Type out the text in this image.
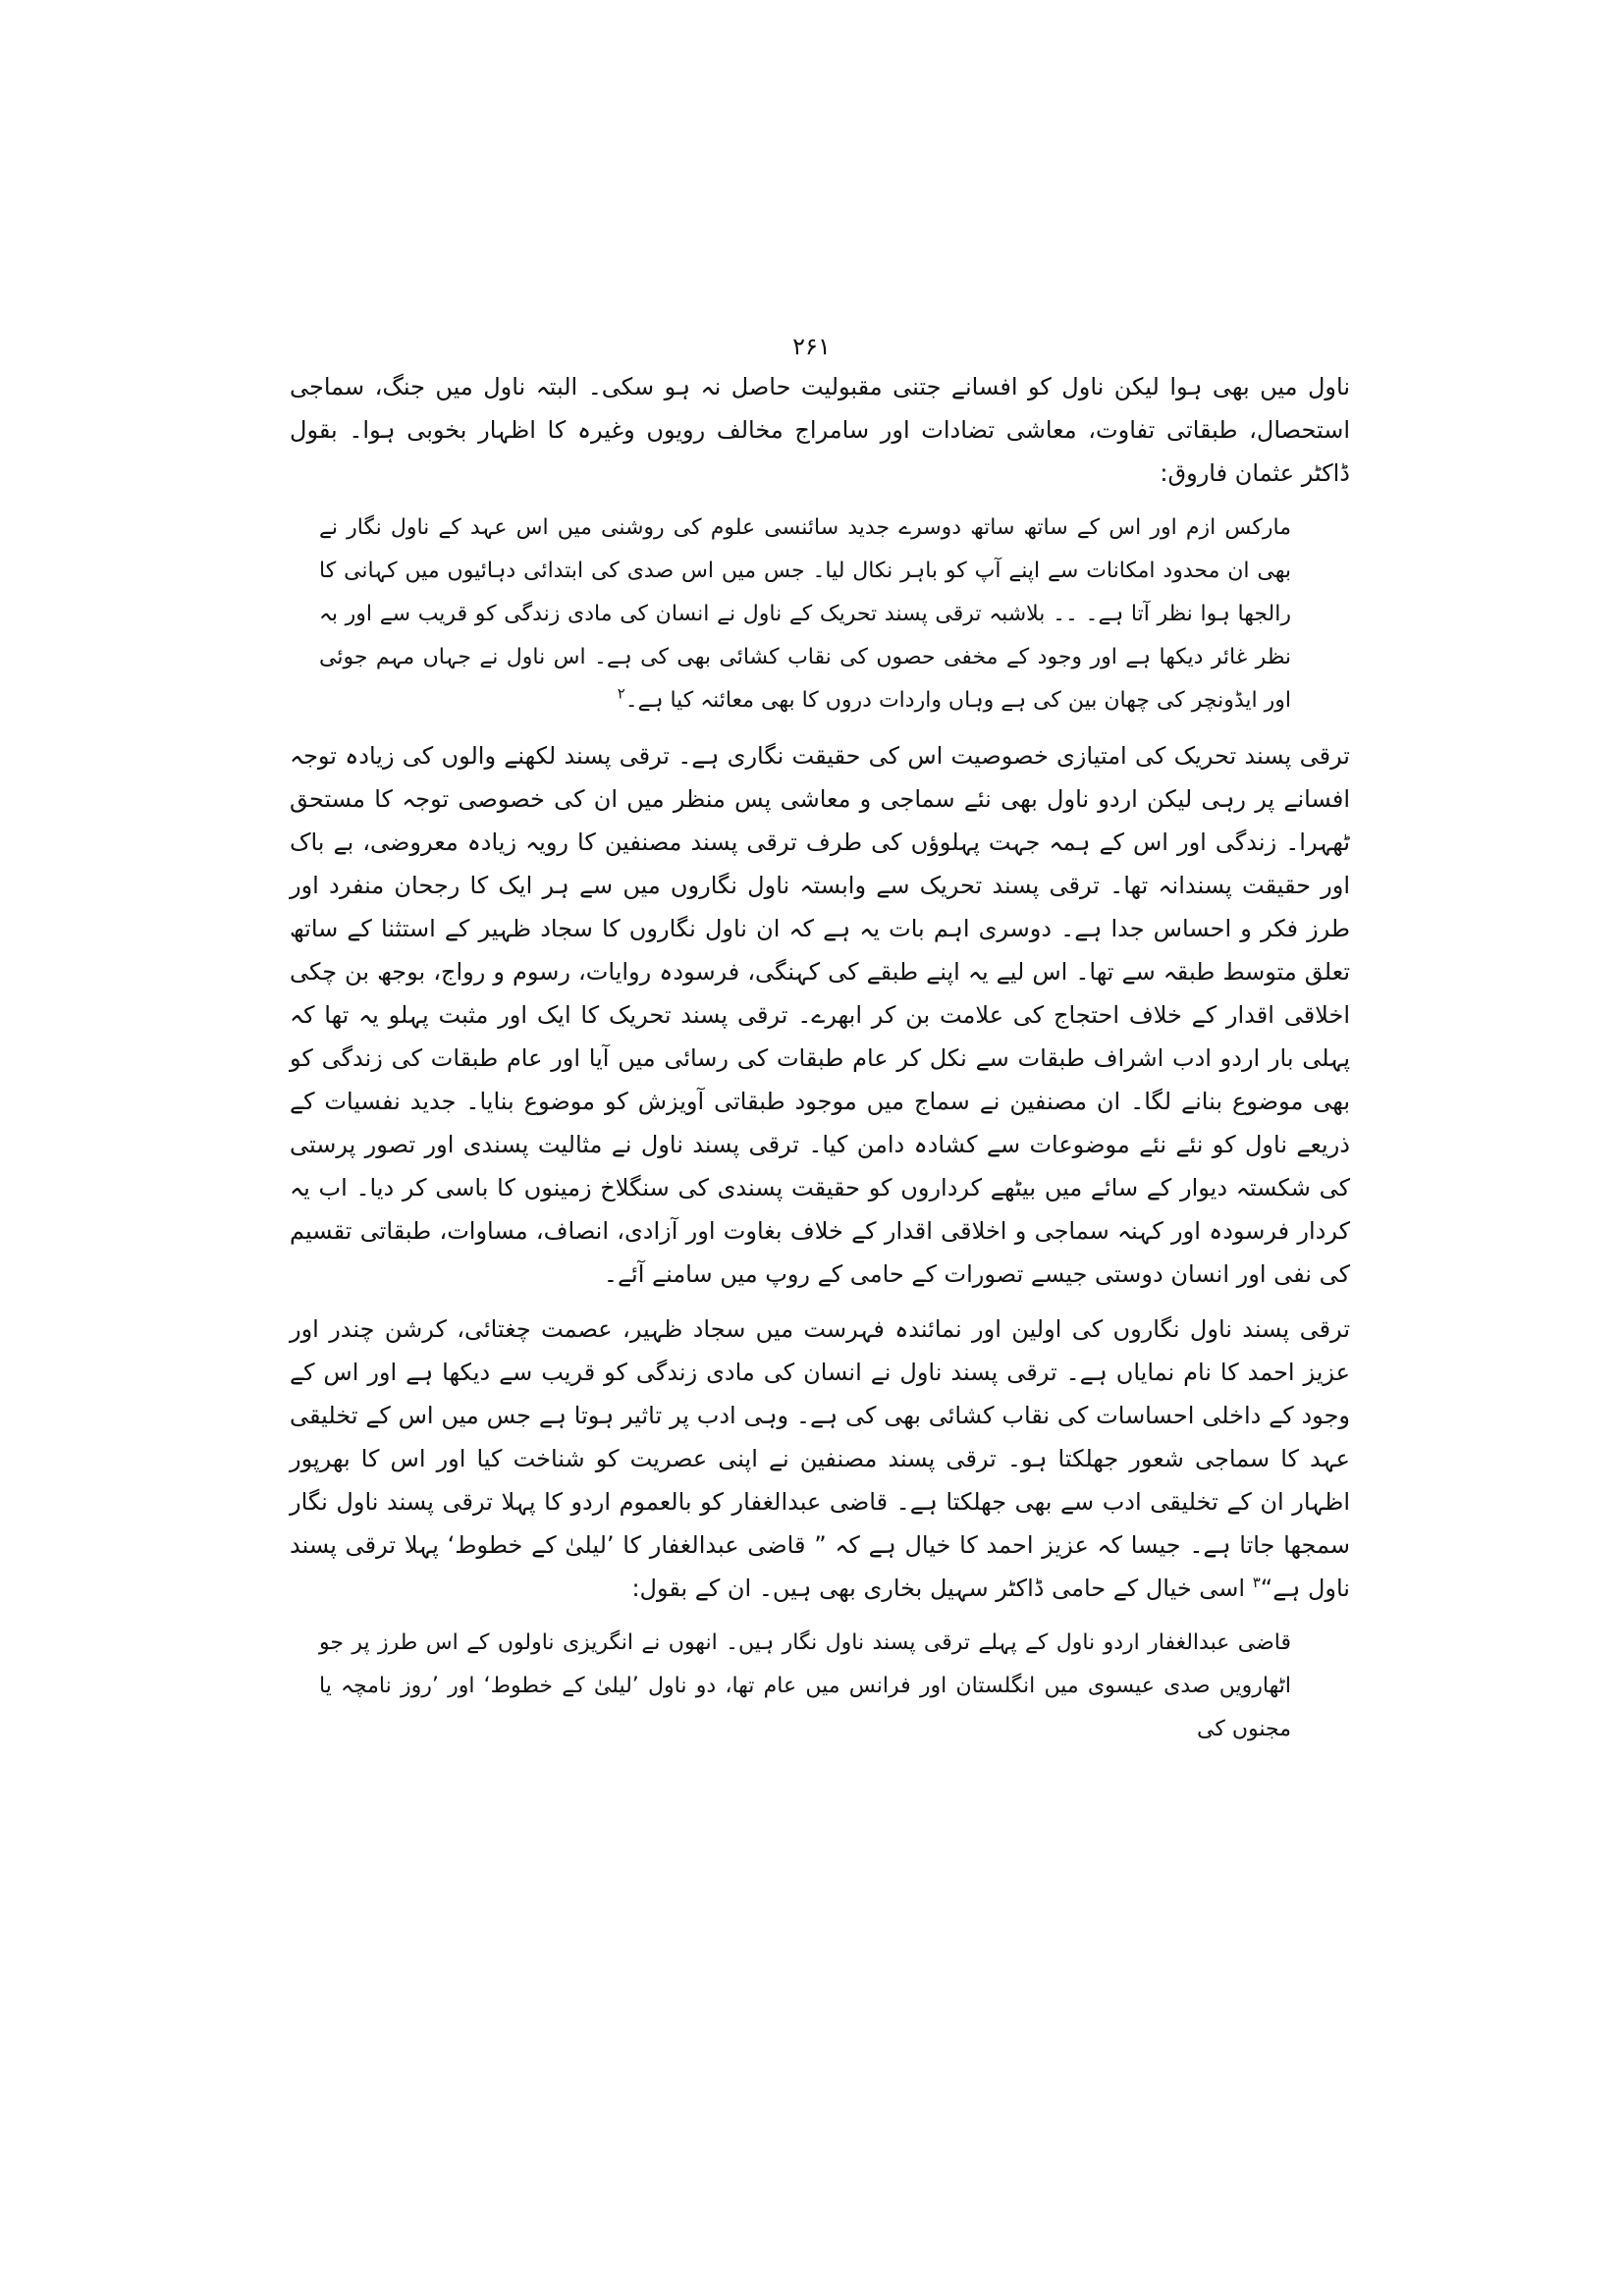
۲۶۱

ناول میں بھی ہوا لیکن ناول کو افسانے جتنی مقبولیت حاصل نہ ہو سکی۔ البتہ ناول میں جنگ، سماجی استحصال، طبقاتی تفاوت، معاشی تضادات اور سامراج مخالف رویوں وغیرہ کا اظہار بخوبی ہوا۔ بقول ڈاکٹر عثمان فاروق:

مارکس ازم اور اس کے ساتھ ساتھ دوسرے جدید سائنسی علوم کی روشنی میں اس عہد کے ناول نگار نے بھی ان محدود امکانات سے اپنے آپ کو باہر نکال لیا۔ جس میں اس صدی کی ابتدائی دہائیوں میں کہانی کا رالجھا ہوا نظر آتا ہے۔ ۔۔ بلاشبہ ترقی پسند تحریک کے ناول نے انسان کی مادی زندگی کو قریب سے اور بہ نظر غائر دیکھا ہے اور وجود کے مخفی حصوں کی نقاب کشائی بھی کی ہے۔ اس ناول نے جہاں مہم جوئی اور ایڈونچر کی چھان بین کی ہے وہاں واردات دروں کا بھی معائنہ کیا ہے۔$^۲$

ترقی پسند تحریک کی امتیازی خصوصیت اس کی حقیقت نگاری ہے۔ ترقی پسند لکھنے والوں کی زیادہ توجہ افسانے پر رہی لیکن اردو ناول بھی نئے سماجی و معاشی پس منظر میں ان کی خصوصی توجہ کا مستحق ٹھہرا۔ زندگی اور اس کے ہمہ جہت پہلوؤں کی طرف ترقی پسند مصنفین کا رویہ زیادہ معروضی، بے باک اور حقیقت پسندانہ تھا۔ ترقی پسند تحریک سے وابستہ ناول نگاروں میں سے ہر ایک کا رجحان منفرد اور طرز فکر و احساس جدا ہے۔ دوسری اہم بات یہ ہے کہ ان ناول نگاروں کا سجاد ظہیر کے استثنا کے ساتھ تعلق متوسط طبقہ سے تھا۔ اس لیے یہ اپنے طبقے کی کہنگی، فرسودہ روایات، رسوم و رواج، بوجھ بن چکی اخلاقی اقدار کے خلاف احتجاج کی علامت بن کر ابھرے۔ ترقی پسند تحریک کا ایک اور مثبت پہلو یہ تھا کہ پہلی بار اردو ادب اشراف طبقات سے نکل کر عام طبقات کی رسائی میں آیا اور عام طبقات کی زندگی کو بھی موضوع بنانے لگا۔ ان مصنفین نے سماج میں موجود طبقاتی آویزش کو موضوع بنایا۔ جدید نفسیات کے ذریعے ناول کو نئے نئے موضوعات سے کشادہ دامن کیا۔ ترقی پسند ناول نے مثالیت پسندی اور تصور پرستی کی شکستہ دیوار کے سائے میں بیٹھے کرداروں کو حقیقت پسندی کی سنگلاخ زمینوں کا باسی کر دیا۔ اب یہ کردار فرسودہ اور کہنہ سماجی و اخلاقی اقدار کے خلاف بغاوت اور آزادی، انصاف، مساوات، طبقاتی تقسیم کی نفی اور انسان دوستی جیسے تصورات کے حامی کے روپ میں سامنے آئے۔

ترقی پسند ناول نگاروں کی اولین اور نمائندہ فہرست میں سجاد ظہیر، عصمت چغتائی، کرشن چندر اور عزیز احمد کا نام نمایاں ہے۔ ترقی پسند ناول نے انسان کی مادی زندگی کو قریب سے دیکھا ہے اور اس کے وجود کے داخلی احساسات کی نقاب کشائی بھی کی ہے۔ وہی ادب پر تاثیر ہوتا ہے جس میں اس کے تخلیقی عہد کا سماجی شعور جھلکتا ہو۔ ترقی پسند مصنفین نے اپنی عصریت کو شناخت کیا اور اس کا بھرپور اظہار ان کے تخلیقی ادب سے بھی جھلکتا ہے۔ قاضی عبدالغفار کو بالعموم اردو کا پہلا ترقی پسند ناول نگار سمجھا جاتا ہے۔ جیسا کہ عزیز احمد کا خیال ہے کہ ” قاضی عبدالغفار کا ’لیلیٰ کے خطوط‘ پہلا ترقی پسند ناول ہے“$^۳$ اسی خیال کے حامی ڈاکٹر سہیل بخاری بھی ہیں۔ ان کے بقول:

قاضی عبدالغفار اردو ناول کے پہلے ترقی پسند ناول نگار ہیں۔ انھوں نے انگریزی ناولوں کے اس طرز پر جو اٹھارویں صدی عیسوی میں انگلستان اور فرانس میں عام تھا، دو ناول ’لیلیٰ کے خطوط‘ اور ’روز نامچہ یا مجنوں کی
